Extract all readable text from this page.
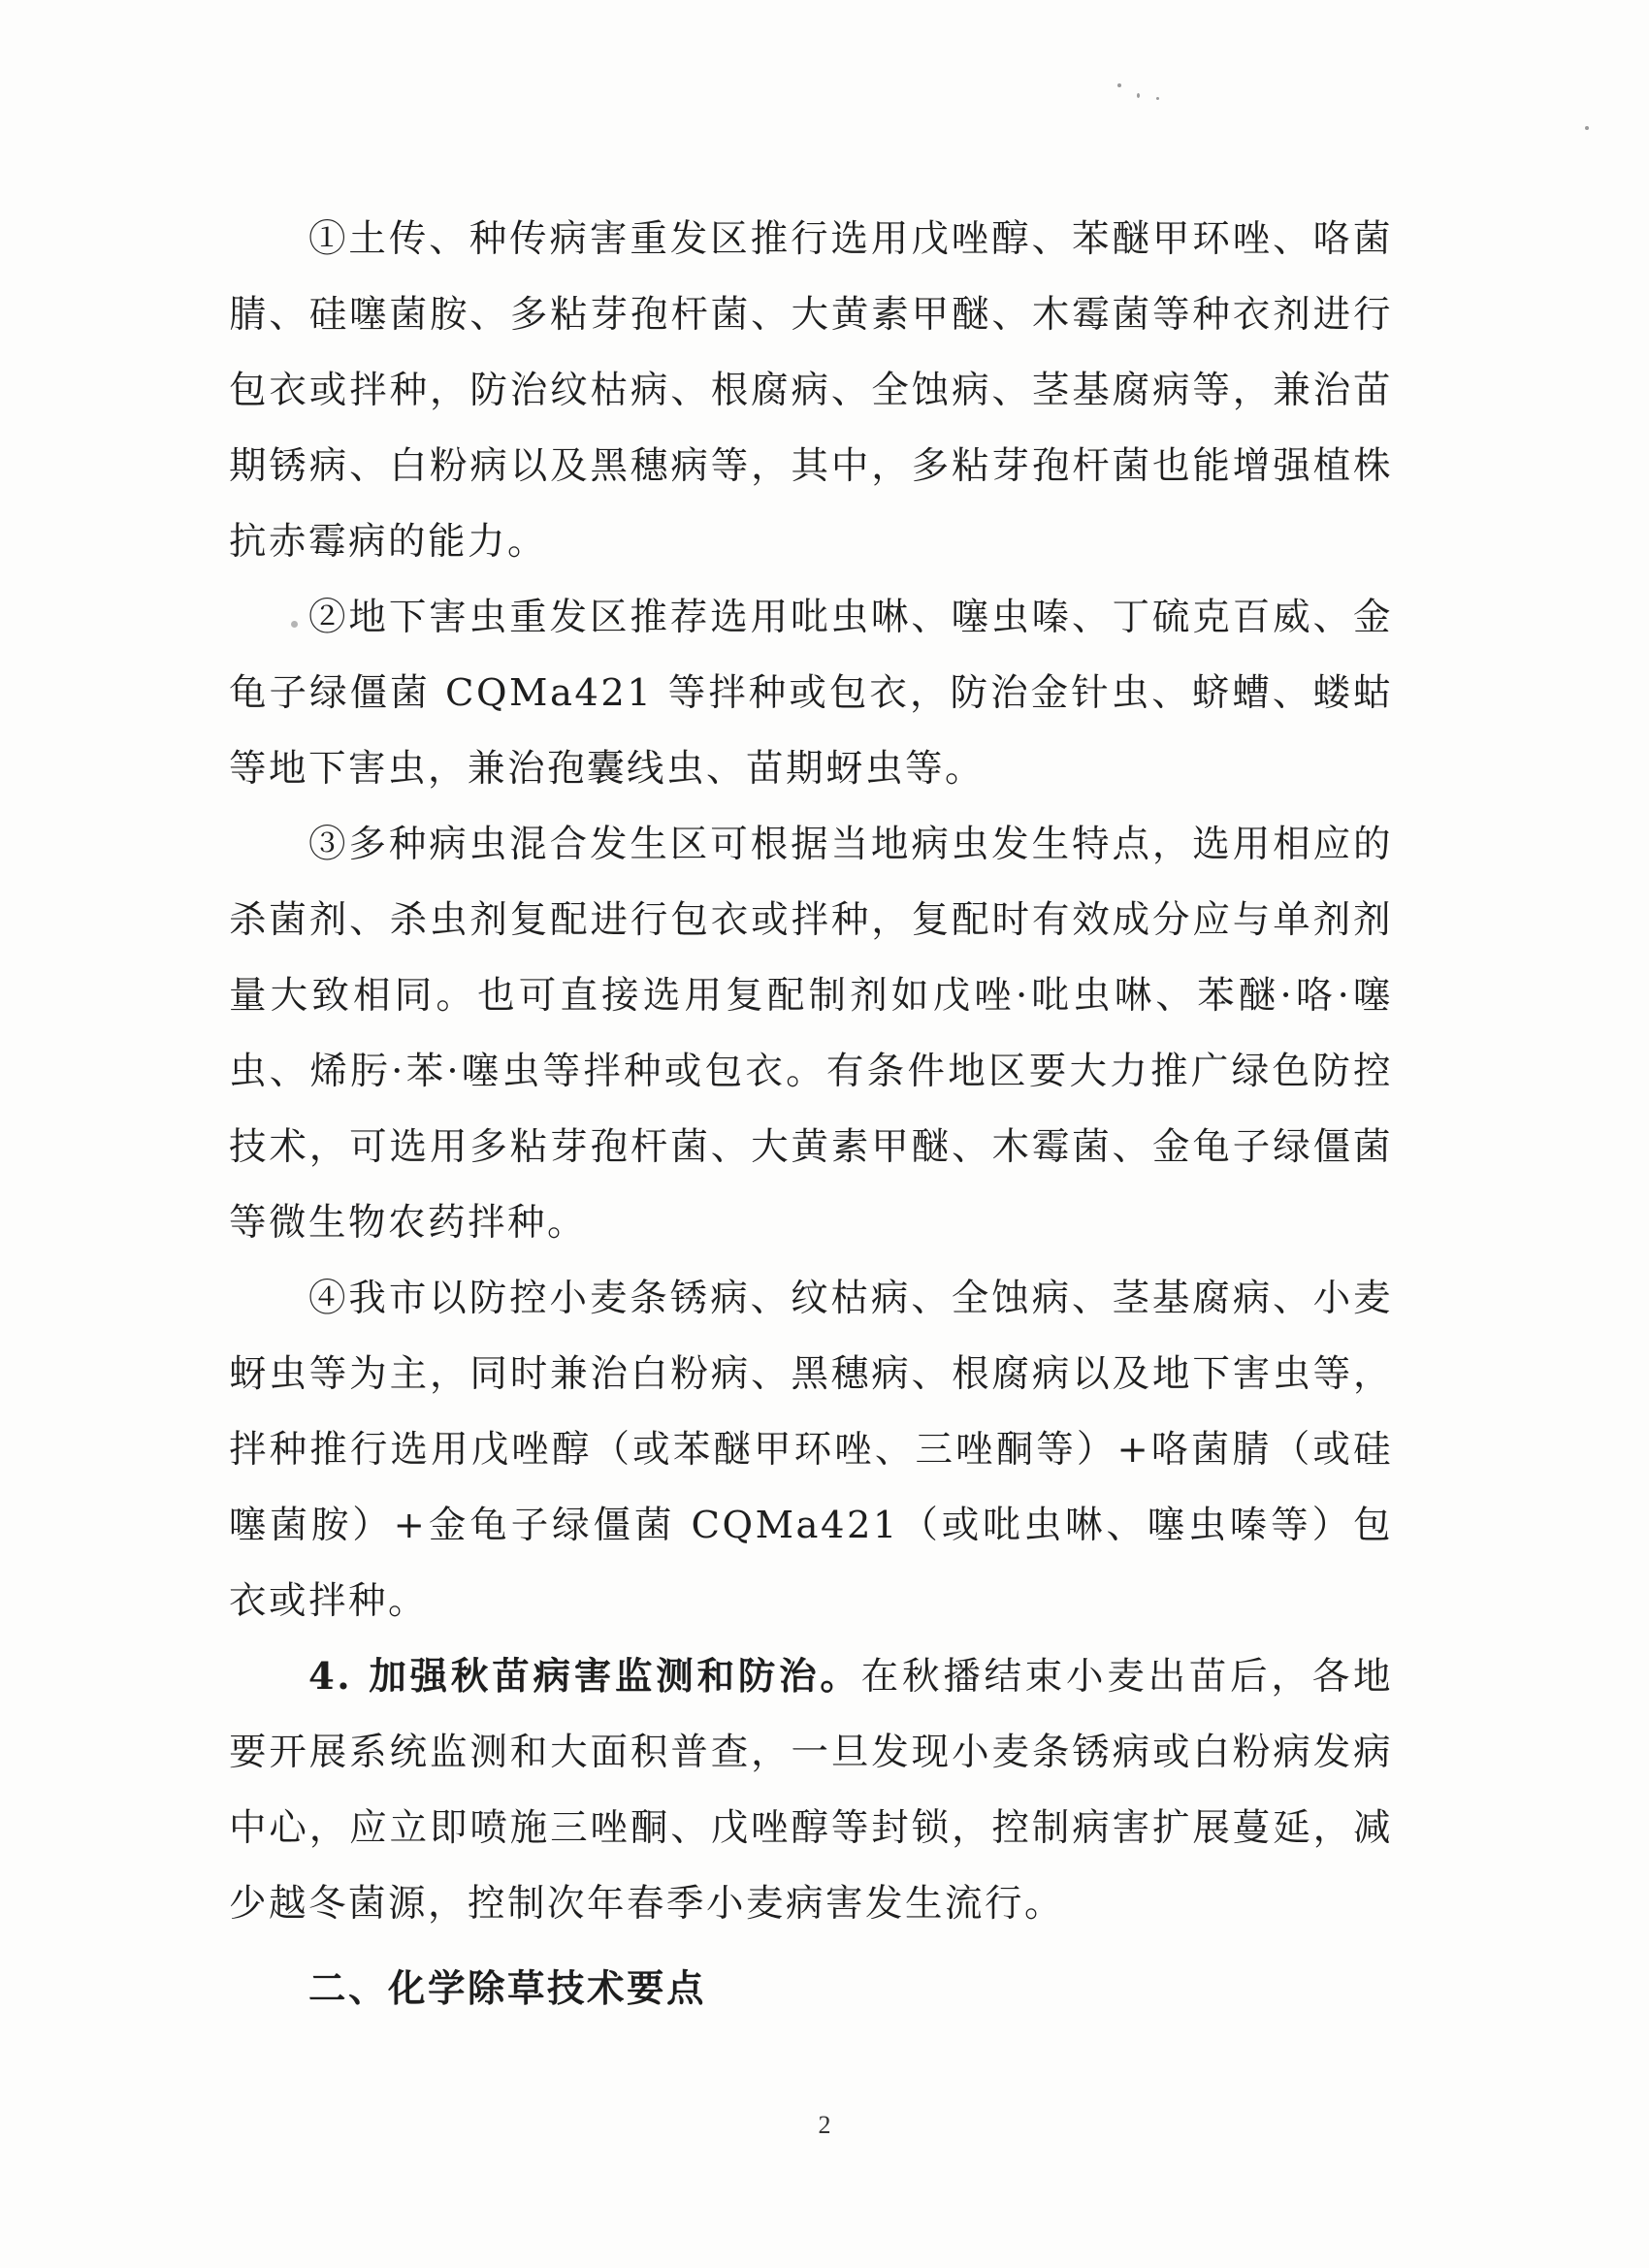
①土传、种传病害重发区推行选用戊唑醇、苯醚甲环唑、咯菌腈、硅噻菌胺、多粘芽孢杆菌、大黄素甲醚、木霉菌等种衣剂进行包衣或拌种，防治纹枯病、根腐病、全蚀病、茎基腐病等，兼治苗期锈病、白粉病以及黑穗病等，其中，多粘芽孢杆菌也能增强植株抗赤霉病的能力。

②地下害虫重发区推荐选用吡虫啉、噻虫嗪、丁硫克百威、金龟子绿僵菌 CQMa421 等拌种或包衣，防治金针虫、蛴螬、蝼蛄等地下害虫，兼治孢囊线虫、苗期蚜虫等。

③多种病虫混合发生区可根据当地病虫发生特点，选用相应的杀菌剂、杀虫剂复配进行包衣或拌种，复配时有效成分应与单剂剂量大致相同。也可直接选用复配制剂如戊唑·吡虫啉、苯醚·咯·噻虫、烯肟·苯·噻虫等拌种或包衣。有条件地区要大力推广绿色防控技术，可选用多粘芽孢杆菌、大黄素甲醚、木霉菌、金龟子绿僵菌等微生物农药拌种。

④我市以防控小麦条锈病、纹枯病、全蚀病、茎基腐病、小麦蚜虫等为主，同时兼治白粉病、黑穗病、根腐病以及地下害虫等，拌种推行选用戊唑醇（或苯醚甲环唑、三唑酮等）+咯菌腈（或硅噻菌胺）+金龟子绿僵菌 CQMa421（或吡虫啉、噻虫嗪等）包衣或拌种。

4. 加强秋苗病害监测和防治。在秋播结束小麦出苗后，各地要开展系统监测和大面积普查，一旦发现小麦条锈病或白粉病发病中心，应立即喷施三唑酮、戊唑醇等封锁，控制病害扩展蔓延，减少越冬菌源，控制次年春季小麦病害发生流行。

二、化学除草技术要点

2
